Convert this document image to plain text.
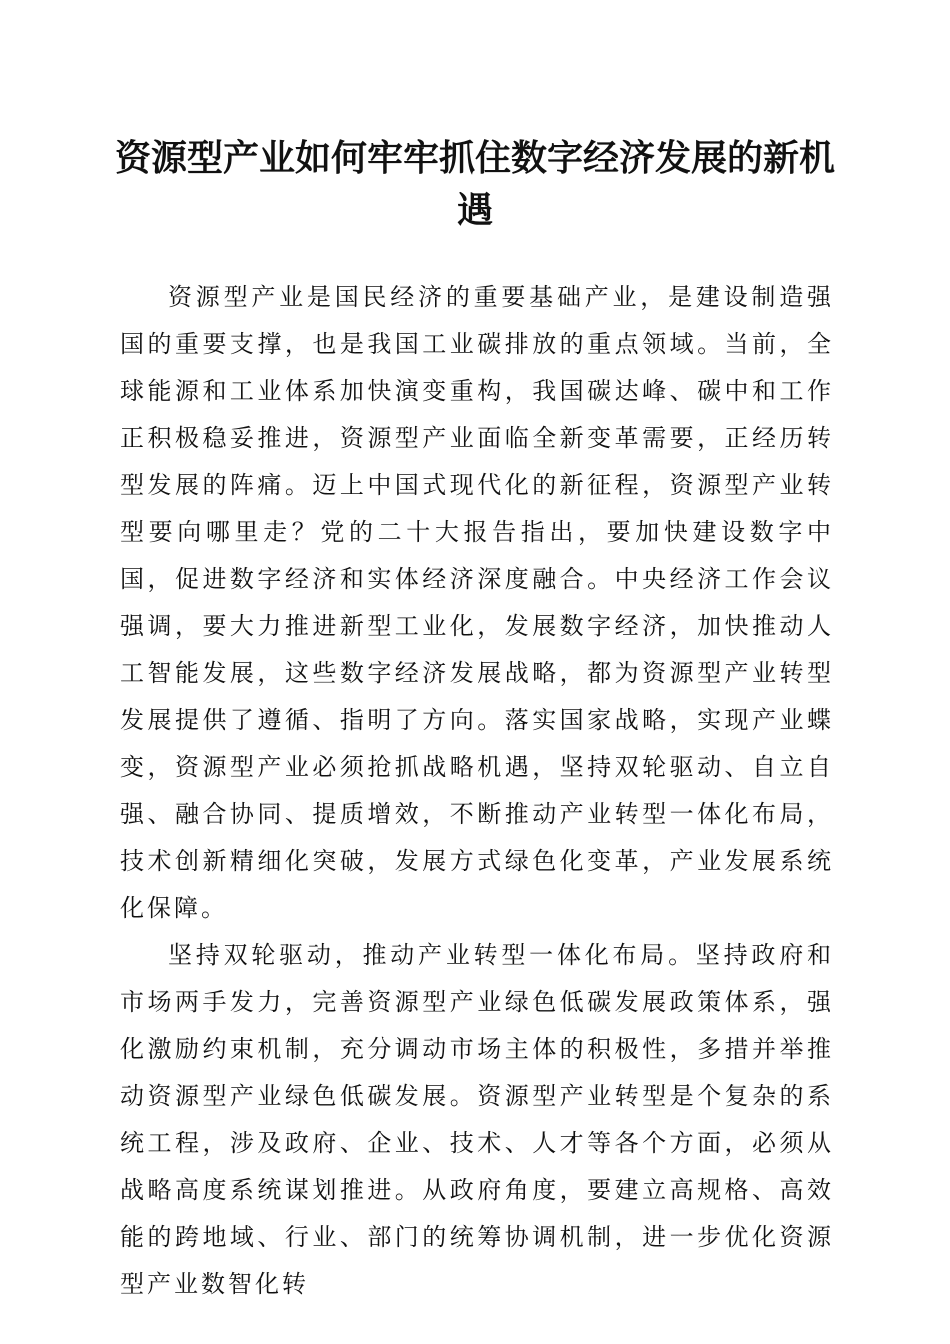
资源型产业如何牢牢抓住数字经济发展的新机遇

资源型产业是国民经济的重要基础产业，是建设制造强国的重要支撑，也是我国工业碳排放的重点领域。当前，全球能源和工业体系加快演变重构，我国碳达峰、碳中和工作正积极稳妥推进，资源型产业面临全新变革需要，正经历转型发展的阵痛。迈上中国式现代化的新征程，资源型产业转型要向哪里走？党的二十大报告指出，要加快建设数字中国，促进数字经济和实体经济深度融合。中央经济工作会议强调，要大力推进新型工业化，发展数字经济，加快推动人工智能发展，这些数字经济发展战略，都为资源型产业转型发展提供了遵循、指明了方向。落实国家战略，实现产业蝶变，资源型产业必须抢抓战略机遇，坚持双轮驱动、自立自强、融合协同、提质增效，不断推动产业转型一体化布局，技术创新精细化突破，发展方式绿色化变革，产业发展系统化保障。

坚持双轮驱动，推动产业转型一体化布局。坚持政府和市场两手发力，完善资源型产业绿色低碳发展政策体系，强化激励约束机制，充分调动市场主体的积极性，多措并举推动资源型产业绿色低碳发展。资源型产业转型是个复杂的系统工程，涉及政府、企业、技术、人才等各个方面，必须从战略高度系统谋划推进。从政府角度，要建立高规格、高效能的跨地域、行业、部门的统筹协调机制，进一步优化资源型产业数智化转
